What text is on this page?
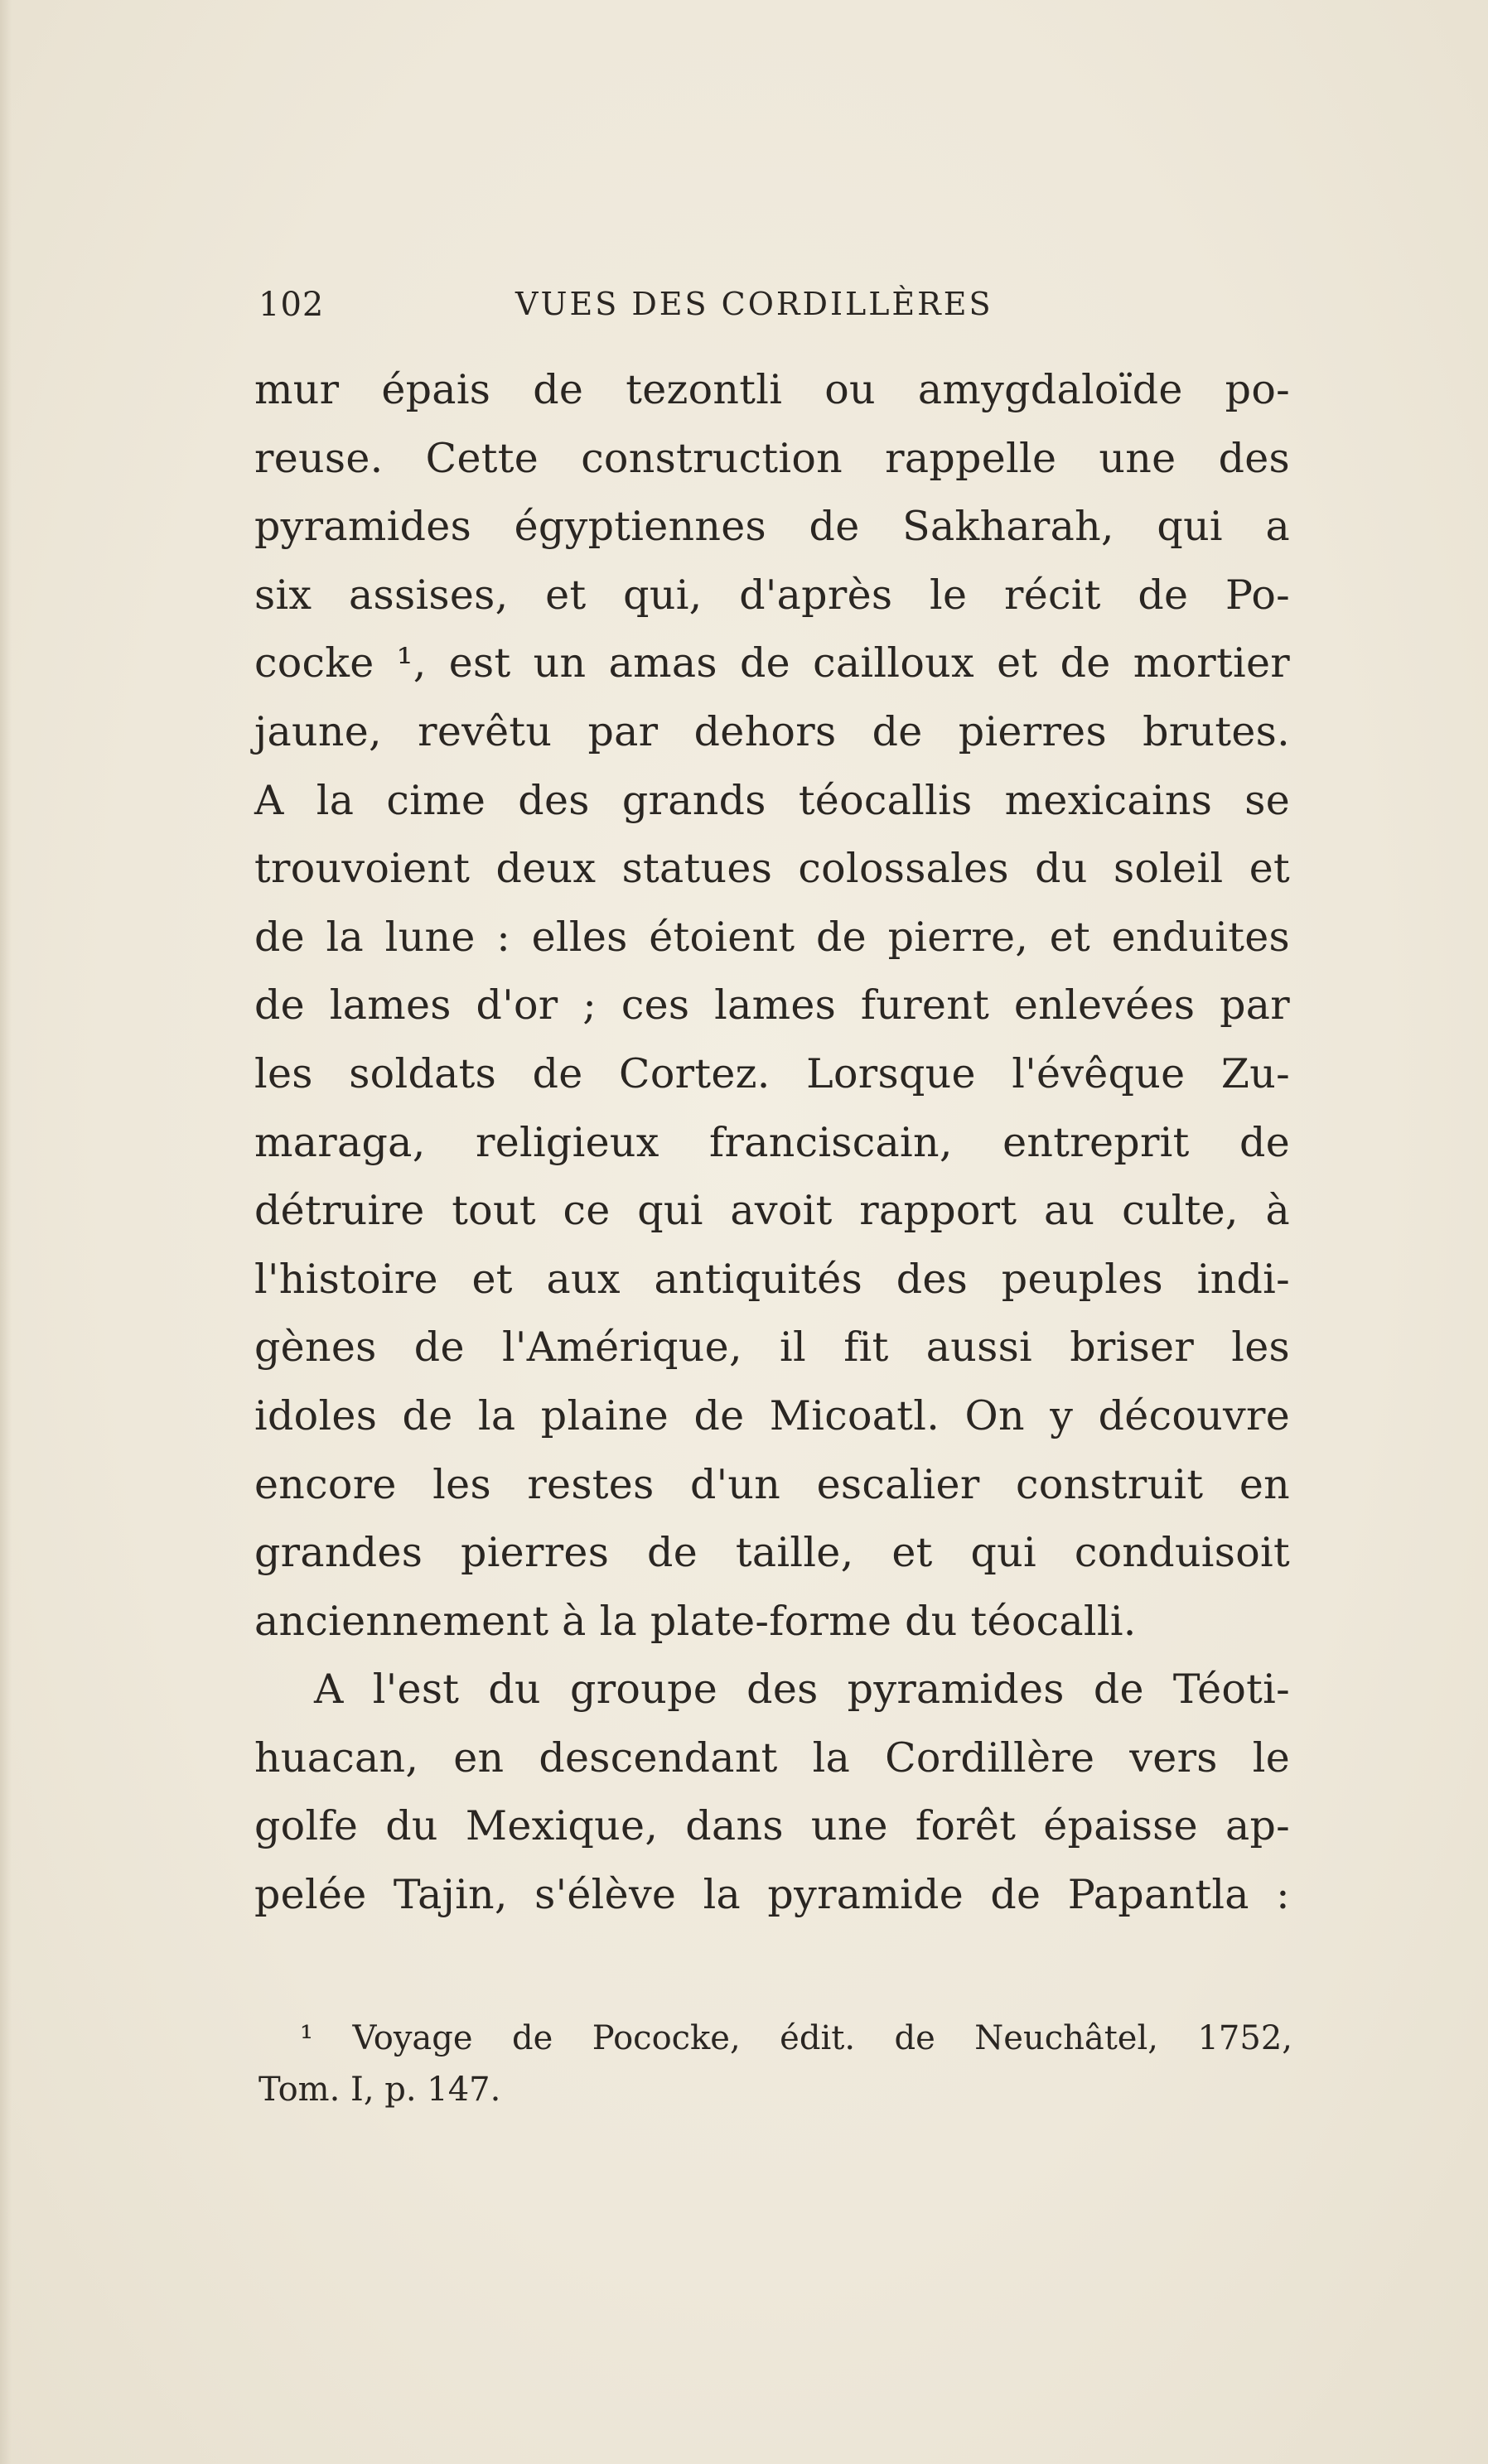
102	VUES DES CORDILLÈRES
mur épais de tezontli ou amygdaloïde po-
reuse. Cette construction rappelle une des
pyramides égyptiennes de Sakharah, qui a
six assises, et qui, d'après le récit de Po-
cocke ¹, est un amas de cailloux et de mortier
jaune, revêtu par dehors de pierres brutes.
A la cime des grands téocallis mexicains se
trouvoient deux statues colossales du soleil et
de la lune : elles étoient de pierre, et enduites
de lames d'or ; ces lames furent enlevées par
les soldats de Cortez. Lorsque l'évêque Zu-
maraga, religieux franciscain, entreprit de
détruire tout ce qui avoit rapport au culte, à
l'histoire et aux antiquités des peuples indi-
gènes de l'Amérique, il fit aussi briser les
idoles de la plaine de Micoatl. On y découvre
encore les restes d'un escalier construit en
grandes pierres de taille, et qui conduisoit
anciennement à la plate-forme du téocalli.
A l'est du groupe des pyramides de Téoti-
huacan, en descendant la Cordillère vers le
golfe du Mexique, dans une forêt épaisse ap-
pelée Tajin, s'élève la pyramide de Papantla :
¹ Voyage de Pococke, édit. de Neuchâtel, 1752,
Tom. I, p. 147.
